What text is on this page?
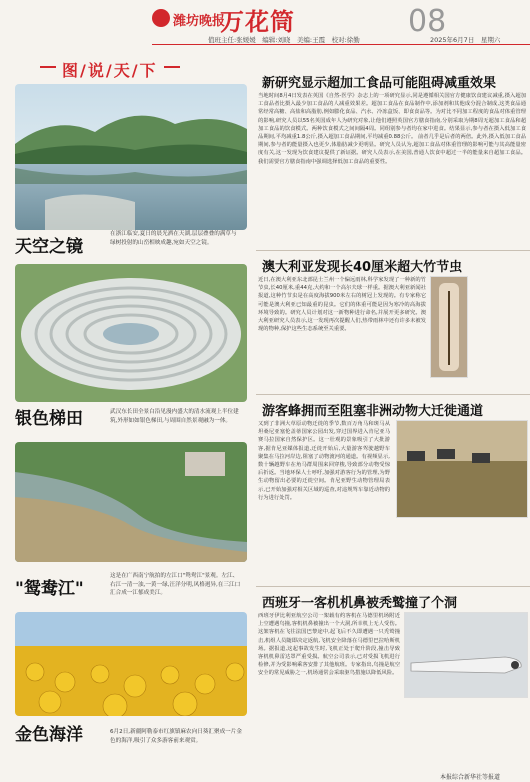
潍坊晚报
万花筒	08
值班主任:张媛媛　编辑:刘晓　美编:王霞　校对:徐勤	2025年6月7日　星期六
图/说/天/下
天空之镜
在浙江临安,夏日的晨光洒在天湖,层层叠叠的满草与绿树投射的山峦相映成趣,宛如天空之镜。
银色梯田	武汉东长田全景白沿见漫内盛大的清水流观上半位建筑,外形如如银色梯田,与周围自然景观融为一体。
这是在广西南宁航拍的左江口"鸳鸯江"景观。左江、右江一清一浊,一黄一绿,汪洋分明,风格迥异,在三江口汇合成一江郁成美江。
"鸳鸯江"
金色海洋	6月2日,新疆阿勒泰市红旗镇麻农向日葵汇聚成一片金色的海洋,吸引了众多游客前来观赏。
新研究显示超加工食品可能阻碍减重效果
当地时间8月4日发表在英国《自然-医学》杂志上的一项研究显示,同是遵循相关国官方健康饮食建议减重,摄入超加工食品者比摄入最少加工食品的人减重效果差。超加工食品在食品制作中,添加剂和其他成分混合制成,这类食品通常经常高糖、高盐和高脂肪,例如膨化食品、汽水、冷冻盒饭、即食食品等。为对比不同加工程度的食品对体重管理的影响,研究人员以55名英国成年人为研究对象,让他们遵照英国官方膳食指南,分别采取为期8周无超加工食品和超加工食品的饮食模式。两种饮食模式之间间隔4周。同组别参与者均在家中进食。结果显示,参与者在摄入低加工食品期间,平均减重1.8公斤,摄入超加工食品期间,平均减重0.88公斤。 前者几乎是后者的两倍。此外,摄入低加工食品期间,参与者的能量摄入也更少,体脂肪减少更明显。研究人员认为,超加工食品对体重管理的影响可能与其高能量密度有关,这一发现为饮食建议提供了新证据。研究人员表示,在美国,普通人饮食中超过一半的能量来自超加工食品。我们需要官方膳食指南中强调选择低加工食品的重要性。
澳大利亚发现长40厘米超大竹节虫
近日,在澳大利亚东北部昆士兰州一个偏远雨林,科学家发现了一种新的竹节虫,长40厘米,重44克,大约和一个高尔夫球一样重。据澳大利亚新闻社报道,这种竹节虫是在高度海拔900米左右的树冠上发现的。有专家称它可能是澳大利亚已知最重的昆虫。它们的体重可能是因为寒冷的高海拔环境导致的。研究人员计划对这一新物种进行命名,并展开更多研究。澳大利亚研究人员表示,这一发现再次提醒人们,热带雨林中还有许多未被发现的物种,保护这些生态系统至关重要。
游客蜂拥而至阻塞非洲动物大迁徙通道
又到了非洲大草原动物迁徙的季节,数百万角马和斑马从坦桑尼亚塞伦盖蒂国家公园出发,穿过国界进入肯尼亚马赛马拉国家自然保护区。这一壮观的景象吸引了大批游客,据肯尼亚媒体报道,迁徙开始后,大量游客驾驶越野车聚集在马拉河岸边,阻塞了动物渡河的通道。有视频显示,数十辆越野车在角马群周围来回穿梭,导致部分动物受惊后折返。当地环保人士呼吁,加强对游客行为的管理,为野生动物留出必要的迁徙空间。肯尼亚野生动物管理局表示,已开始加强对相关区域的巡查,对违规驾车靠近动物的行为进行处罚。
西班牙一客机机鼻被秃鹫撞了个洞
西班牙伊比利亚航空公司一架载有约客机在马德里机场附近上空遭遇鸟撞,客机机鼻被撞出一个大洞,所幸机上无人受伤。这架客机在飞往法国巴黎途中,起飞后不久即遭遇一只秃鹫撞击,机组人员随即决定返航,飞机安全降落在马德里巴拉哈斯机场。据报道,这起事故发生时,飞机正处于爬升阶段,撞击导致客机机鼻雷达罩严重受损。航空公司表示,已对受损飞机进行检修,并为受影响乘客安排了其他航班。专家指出,鸟撞是航空安全的常见威胁之一,机场通常会采取驱鸟措施以降低风险。
本报综合新华社等报道
